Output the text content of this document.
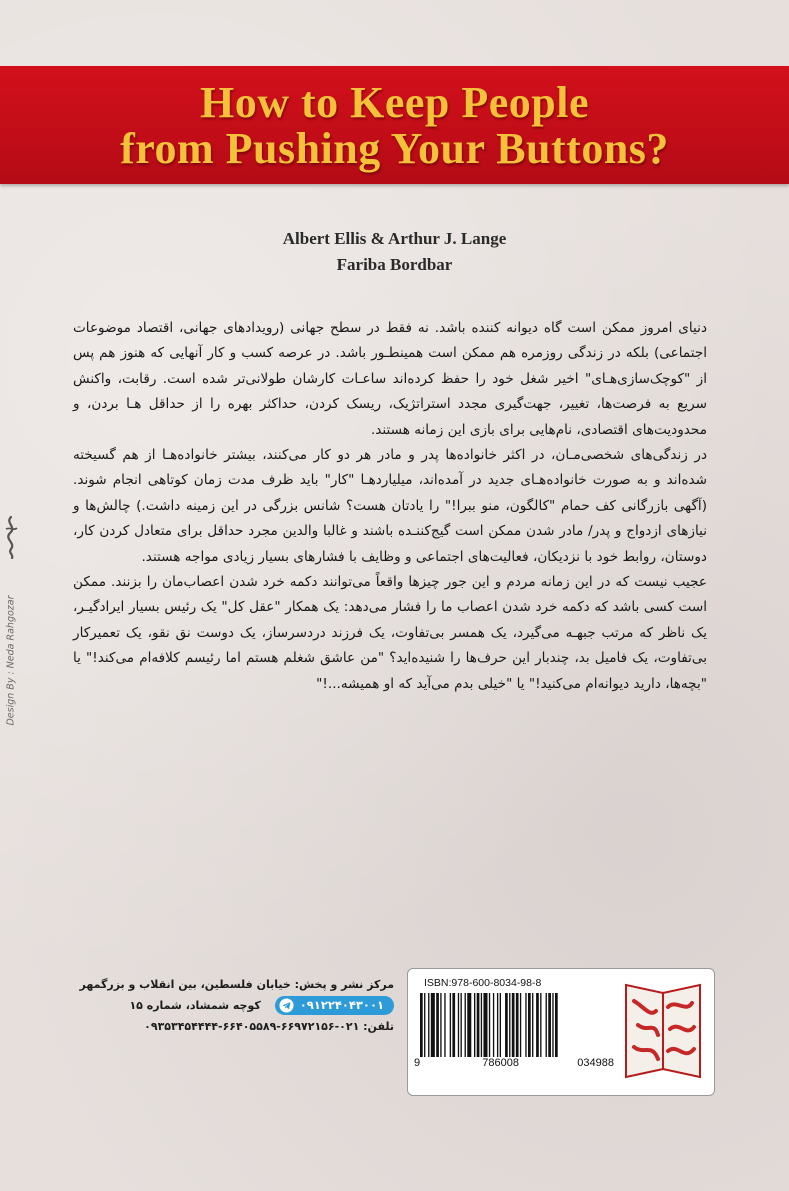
How to Keep People
from Pushing Your Buttons?
Albert Ellis & Arthur J. Lange
Fariba Bordbar

دنیای امروز ممکن است گاه دیوانه کننده باشد. نه فقط در سطح جهانی (رویدادهای جهانی، اقتصاد موضوعات اجتماعی) بلکه در زندگی روزمره هم ممکن است همینطـور باشد. در عرصه کسب و کار آنهایی که هنوز هم پس از "کوچک‌سازی‌هـای" اخیر شغل خود را حفظ کرده‌اند ساعـات کارشان طولانی‌تر شده است. رقابت، واکنش سریع به فرصت‌ها، تغییر، جهت‌گیری مجدد استراتژیک، ریسک کردن، حداکثر بهره را از حداقل هـا بردن، و محدودیت‌های اقتصادی، نام‌هایی برای بازی این زمانه هستند.

در زندگی‌های شخصی‌مـان، در اکثر خانواده‌ها پدر و مادر هر دو کار می‌کنند، بیشتر خانواده‌هـا از هم گسیخته شده‌اند و به صورت خانواده‌هـای جدید در آمده‌اند، میلیاردهـا "کار" باید ظرف مدت زمان کوتاهی انجام شوند. (آگهی بازرگانی کف حمام "کالگون، منو ببرا!" را یادتان هست؟ شانس بزرگی در این زمینه داشت.) چالش‌ها و نیازهای ازدواج و پدر/ مادر شدن ممکن است گیج‌کننـده باشند و غالبا والدین مجرد حداقل برای متعادل کردن کار، دوستان، روابط خود با نزدیکان، فعالیت‌های اجتماعی و وظایف با فشارهای بسیار زیادی مواجه هستند.

عجیب نیست که در این زمانه مردم و این جور چیزها واقعاً می‌توانند دکمه خرد شدن اعصاب‌مان را بزنند. ممکن است کسی باشد که دکمه خرد شدن اعصاب ما را فشار می‌دهد: یک همکار "عقل کل" یک رئیس بسیار ایرادگیـر، یک ناظر که مرتب جبهـه می‌گیرد، یک همسر بی‌تفاوت، یک فرزند دردسرساز، یک دوست نق نقو، یک تعمیرکار بی‌تفاوت، یک فامیل بد، چندبار این حرف‌ها را شنیده‌اید؟ "من عاشق شغلم هستم اما رئیسم کلافه‌ام می‌کند!" یا "بچه‌ها، دارید دیوانه‌ام می‌کنید!" یا "خیلی بدم می‌آید که او همیشه...!"

Design By : Neda Rahgozar
ISBN:978-600-8034-98-8
9	786008	034988
مرکز نشر و پخش: خیابان فلسطین، بین انقلاب و بزرگمهر
کوچه شمشاد، شماره ۱۵	۰۹۱۲۲۴۰۴۳۰۰۱
تلفن: ۰۲۱-۶۶۹۷۲۱۵۶-۶۶۴۰۵۵۸۹-۰۹۳۵۳۴۵۴۴۴۴
